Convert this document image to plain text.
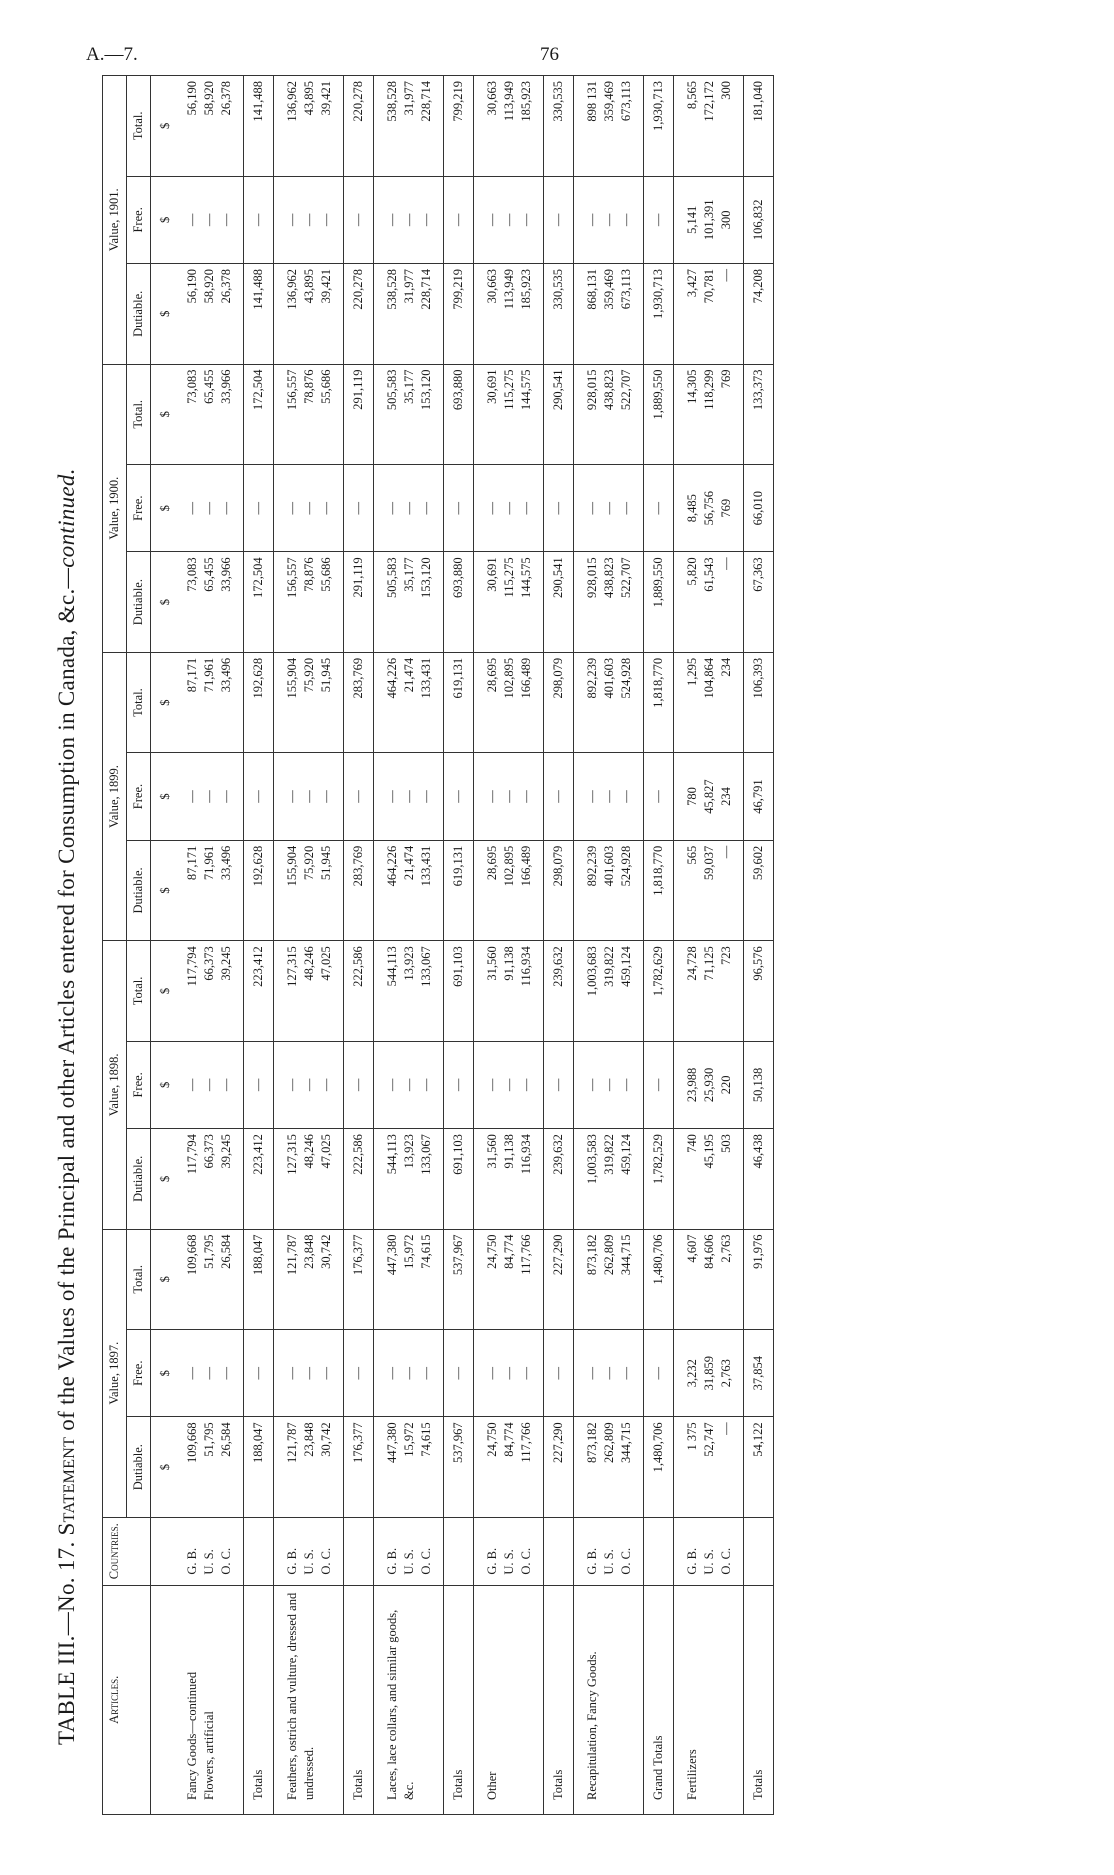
A.—7.	76
TABLE III.—No. 17. Statement of the Values of the Principal and other Articles entered for Consumption in Canada, &c.—continued.
Articles.	Countries.	Value, 1897.			Value, 1898.			Value, 1899.			Value, 1900.			Value, 1901.		
		Dutiable.	Free.	Total.	Dutiable.	Free.	Total.	Dutiable.	Free.	Total.	Dutiable.	Free.	Total.	Dutiable.	Free.	Total.
		$	$	$	$	$	$	$	$	$	$	$	$	$	$	$

Fancy Goods—continued Flowers, artificial	G. B. U. S. O. C.	109,668 51,795 26,584	— — —	109,668 51,795 26,584	117,794 66,373 39,245	— — —	117,794 66,373 39,245	87,171 71,961 33,496	— — —	87,171 71,961 33,496	73,083 65,455 33,966	— — —	73,083 65,455 33,966	56,190 58,920 26,378	— — —	56,190 58,920 26,378

Totals		188,047	—	188,047	223,412	—	223,412	192,628	—	192,628	172,504	—	172,504	141,488	—	141,488

Feathers, ostrich and vulture, dressed and undressed.	G. B. U. S. O. C.	121,787 23,848 30,742	— — —	121,787 23,848 30,742	127,315 48,246 47,025	— — —	127,315 48,246 47,025	155,904 75,920 51,945	— — —	155,904 75,920 51,945	156,557 78,876 55,686	— — —	156,557 78,876 55,686	136,962 43,895 39,421	— — —	136,962 43,895 39,421

Totals		176,377	—	176,377	222,586	—	222,586	283,769	—	283,769	291,119	—	291,119	220,278	—	220,278

Laces, lace collars, and similar goods, &c.	G. B. U. S. O. C.	447,380 15,972 74,615	— — —	447,380 15,972 74,615	544,113 13,923 133,067	— — —	544,113 13,923 133,067	464,226 21,474 133,431	— — —	464,226 21,474 133,431	505,583 35,177 153,120	— — —	505,583 35,177 153,120	538,528 31,977 228,714	— — —	538,528 31,977 228,714

Totals		537,967	—	537,967	691,103	—	691,103	619,131	—	619,131	693,880	—	693,880	799,219	—	799,219

Other	G. B. U. S. O. C.	24,750 84,774 117,766	— — —	24,750 84,774 117,766	31,560 91,138 116,934	— — —	31,560 91,138 116,934	28,695 102,895 166,489	— — —	28,695 102,895 166,489	30,691 115,275 144,575	— — —	30,691 115,275 144,575	30,663 113,949 185,923	— — —	30,663 113,949 185,923

Totals		227,290	—	227,290	239,632	—	239,632	298,079	—	298,079	290,541	—	290,541	330,535	—	330,535

Recapitulation, Fancy Goods.	G. B. U. S. O. C.	873,182 262,809 344,715	— — —	873,182 262,809 344,715	1,003,583 319,822 459,124	— — —	1,003,683 319,822 459,124	892,239 401,603 524,928	— — —	892,239 401,603 524,928	928,015 438,823 522,707	— — —	928,015 438,823 522,707	868,131 359,469 673,113	— — —	898 131 359,469 673,113

Grand Totals		1,480,706	—	1,480,706	1,782,529	—	1,782,629	1,818,770	—	1,818,770	1,889,550	—	1,889,550	1,930,713	—	1,930,713

Fertilizers	G. B. U. S. O. C.	1 375 52,747 —	3,232 31,859 2,763	4,607 84,606 2,763	740 45,195 503	23,988 25,930 220	24,728 71,125 723	565 59,037 —	780 45,827 234	1,295 104,864 234	5,820 61,543 —	8,485 56,756 769	14,305 118,299 769	3,427 70,781 —	5,141 101,391 300	8,565 172,172 300

Totals		54,122	37,854	91,976	46,438	50,138	96,576	59,602	46,791	106,393	67,363	66,010	133,373	74,208	106,832	181,040
